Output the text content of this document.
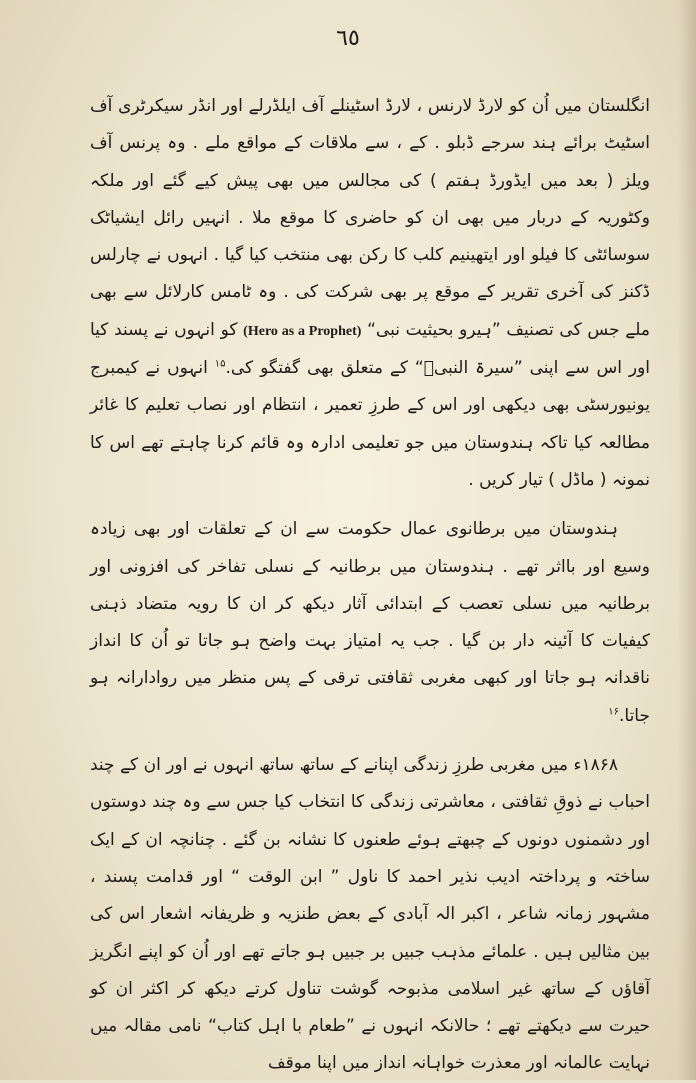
٦٥

انگلستان میں اُن کو لارڈ لارنس ، لارڈ اسٹینلے آف ایلڈرلے اور انڈر سیکرٹری آف اسٹیٹ برائے ہند سرجے ڈبلو . کے ، سے ملاقات کے مواقع ملے . وہ پرنس آف ویلز ( بعد میں ایڈورڈ ہفتم ) کی مجالس میں بھی پیش کیے گئے اور ملکہ وکٹوریہ کے دربار میں بھی ان کو حاضری کا موقع ملا . انہیں رائل ایشیاٹک سوسائٹی کا فیلو اور ایتھینیم کلب کا رکن بھی منتخب کیا گیا . انہوں نے چارلس ڈکنز کی آخری تقریر کے موقع پر بھی شرکت کی . وہ ٹامس کارلائل سے بھی ملے جس کی تصنیف ”ہیرو بحیثیت نبی“ (Hero as a Prophet) کو انہوں نے پسند کیا اور اس سے اپنی ”سیرۃ النبیؐ“ کے متعلق بھی گفتگو کی.$^{۱۵}$ انہوں نے کیمبرج یونیورسٹی بھی دیکھی اور اس کے طرزِ تعمیر ، انتظام اور نصاب تعلیم کا غائر مطالعہ کیا تاکہ ہندوستان میں جو تعلیمی ادارہ وہ قائم کرنا چاہتے تھے اس کا نمونہ ( ماڈل ) تیار کریں .

ہندوستان میں برطانوی عمال حکومت سے ان کے تعلقات اور بھی زیادہ وسیع اور بااثر تھے . ہندوستان میں برطانیہ کے نسلی تفاخر کی افزونی اور برطانیہ میں نسلی تعصب کے ابتدائی آثار دیکھ کر ان کا رویہ متضاد ذہنی کیفیات کا آئینہ دار بن گیا . جب یہ امتیاز بہت واضح ہو جاتا تو اُن کا انداز ناقدانہ ہو جاتا اور کبھی مغربی ثقافتی ترقی کے پس منظر میں روادارانہ ہو جاتا.$^{۱۶}$

۱۸۶۸ء میں مغربی طرزِ زندگی اپنانے کے ساتھ ساتھ انہوں نے اور ان کے چند احباب نے ذوقِ ثقافتی ، معاشرتی زندگی کا انتخاب کیا جس سے وہ چند دوستوں اور دشمنوں دونوں کے چبھتے ہوئے طعنوں کا نشانہ بن گئے . چنانچہ ان کے ایک ساختہ و پرداختہ ادیب نذیر احمد کا ناول ” ابن الوقت “ اور قدامت پسند ، مشہور زمانہ شاعر ، اکبر الہ آبادی کے بعض طنزیہ و ظریفانہ اشعار اس کی بین مثالیں ہیں . علمائے مذہب جبیں بر جبیں ہو جاتے تھے اور اُن کو اپنے انگریز آقاؤں کے ساتھ غیر اسلامی مذبوحہ گوشت تناول کرتے دیکھ کر اکثر ان کو حیرت سے دیکھتے تھے ؛ حالانکہ انہوں نے ”طعام با اہل کتاب“ نامی مقالہ میں نہایت عالمانہ اور معذرت خواہانہ انداز میں اپنا موقف
